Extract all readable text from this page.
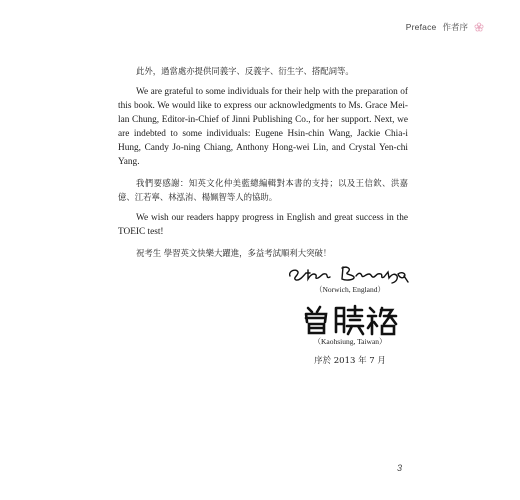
Preface 作者序

此外，過當處亦提供同義字、反義字、衍生字、搭配詞等。

We are grateful to some individuals for their help with the preparation of this book. We would like to express our acknowledgments to Ms. Grace Mei-lan Chung, Editor-in-Chief of Jinni Publishing Co., for her support. Next, we are indebted to some individuals: Eugene Hsin-chin Wang, Jackie Chia-i Hung, Candy Jo-ning Chiang, Anthony Hong-wei Lin, and Crystal Yen-chi Yang.

我們要感謝：知英文化仲美藍總編輯對本書的支持；以及王信欽、洪嘉億、江若寧、林泓洧、楊姵智等人的協助。

We wish our readers happy progress in English and great success in the TOEIC test!

祝考生 學習英文快樂大躍進，多益考試順利大突破！

（Norwich, England）
（Kaohsiung, Taiwan）
序於 2013 年 7 月
3
